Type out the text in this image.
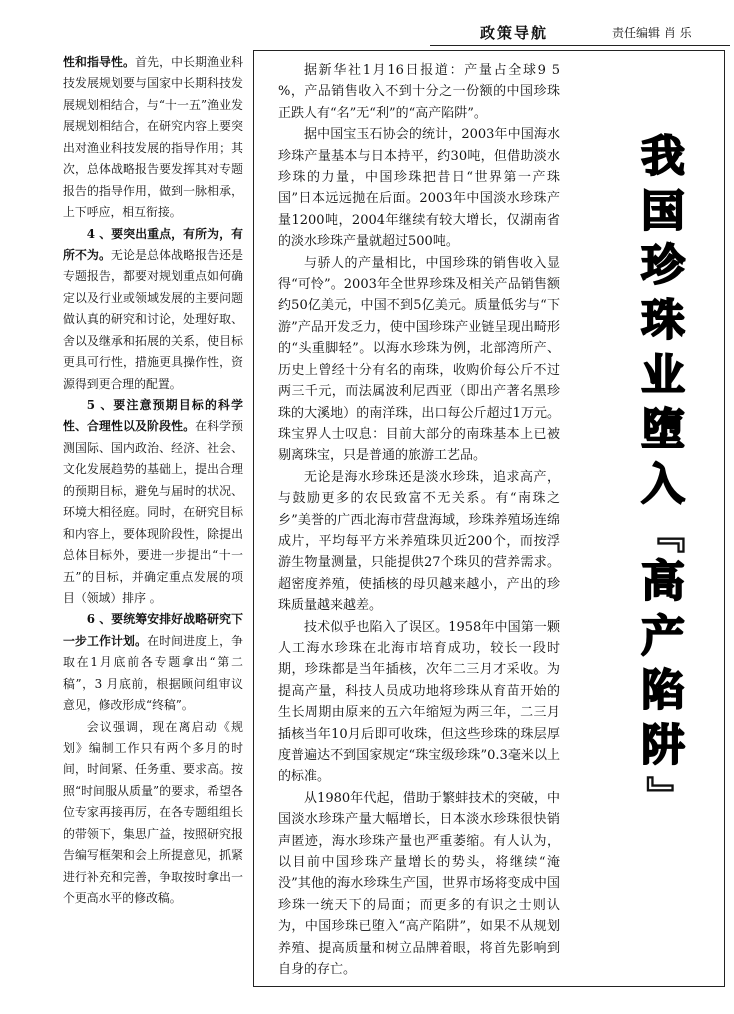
政策导航	责任编辑 肖 乐

性和指导性。首先，中长期渔业科技发展规划要与国家中长期科技发展规划相结合，与“十一五”渔业发展规划相结合，在研究内容上要突出对渔业科技发展的指导作用；其次，总体战略报告要发挥其对专题报告的指导作用，做到一脉相承，上下呼应，相互衔接。

4 、要突出重点，有所为，有所不为。无论是总体战略报告还是专题报告，都要对规划重点如何确定以及行业或领域发展的主要问题做认真的研究和讨论，处理好取、舍以及继承和拓展的关系，使目标更具可行性，措施更具操作性，资源得到更合理的配置。

5 、要注意预期目标的科学性、合理性以及阶段性。在科学预测国际、国内政治、经济、社会、文化发展趋势的基础上，提出合理的预期目标，避免与届时的状况、环境大相径庭。同时，在研究目标和内容上，要体现阶段性，除提出总体目标外，要进一步提出“十一五”的目标，并确定重点发展的项目（领域）排序 。

6 、要统筹安排好战略研究下一步工作计划。在时间进度上，争取在1月底前各专题拿出“第二稿”，3 月底前，根据顾问组审议意见，修改形成“终稿”。

会议强调，现在离启动《规划》编制工作只有两个多月的时间，时间紧、任务重、要求高。按照“时间服从质量”的要求，希望各位专家再接再厉，在各专题组组长的带领下，集思广益，按照研究报告编写框架和会上所提意见，抓紧进行补充和完善，争取按时拿出一个更高水平的修改稿。

据新华社1月16日报道：产量占全球9 5 %，产品销售收入不到十分之一份额的中国珍珠正跌人有“名”无“利”的“高产陷阱”。

据中国宝玉石协会的统计，2003年中国海水珍珠产量基本与日本持平，约30吨，但借助淡水珍珠的力量，中国珍珠把昔日“世界第一产珠国”日本远远抛在后面。2003年中国淡水珍珠产量1200吨，2004年继续有较大增长，仅湖南省的淡水珍珠产量就超过500吨。

与骄人的产量相比，中国珍珠的销售收入显得“可怜”。2003年全世界珍珠及相关产品销售额约50亿美元，中国不到5亿美元。质量低劣与“下游”产品开发乏力，使中国珍珠产业链呈现出畸形的“头重脚轻”。以海水珍珠为例，北部湾所产、历史上曾经十分有名的南珠，收购价每公斤不过两三千元，而法属波利尼西亚（即出产著名黑珍珠的大溪地）的南洋珠，出口每公斤超过1万元。珠宝界人士叹息：目前大部分的南珠基本上已被剔离珠宝，只是普通的旅游工艺品。

无论是海水珍珠还是淡水珍珠，追求高产，与鼓励更多的农民致富不无关系。有“南珠之乡”美誉的广西北海市营盘海域，珍珠养殖场连绵成片，平均每平方米养殖珠贝近200个，而按浮游生物量测量，只能提供27个珠贝的营养需求。超密度养殖，使插核的母贝越来越小，产出的珍珠质量越来越差。

技术似乎也陷入了误区。1958年中国第一颗人工海水珍珠在北海市培育成功，较长一段时期，珍珠都是当年插核，次年二三月才采收。为提高产量，科技人员成功地将珍珠从育苗开始的生长周期由原来的五六年缩短为两三年，二三月插核当年10月后即可收珠，但这些珍珠的珠层厚度普遍达不到国家规定“珠宝级珍珠”0.3毫米以上的标准。

从1980年代起，借助于繁蚌技术的突破，中国淡水珍珠产量大幅增长，日本淡水珍珠很快销声匿迹，海水珍珠产量也严重萎缩。有人认为，以目前中国珍珠产量增长的势头，将继续“淹没”其他的海水珍珠生产国，世界市场将变成中国珍珠一统天下的局面；而更多的有识之士则认为，中国珍珠已堕入“高产陷阱”，如果不从规划养殖、提高质量和树立品牌着眼，将首先影响到自身的存亡。

我
国
珍
珠
业
堕
入
『
高
产
陷
阱
』
